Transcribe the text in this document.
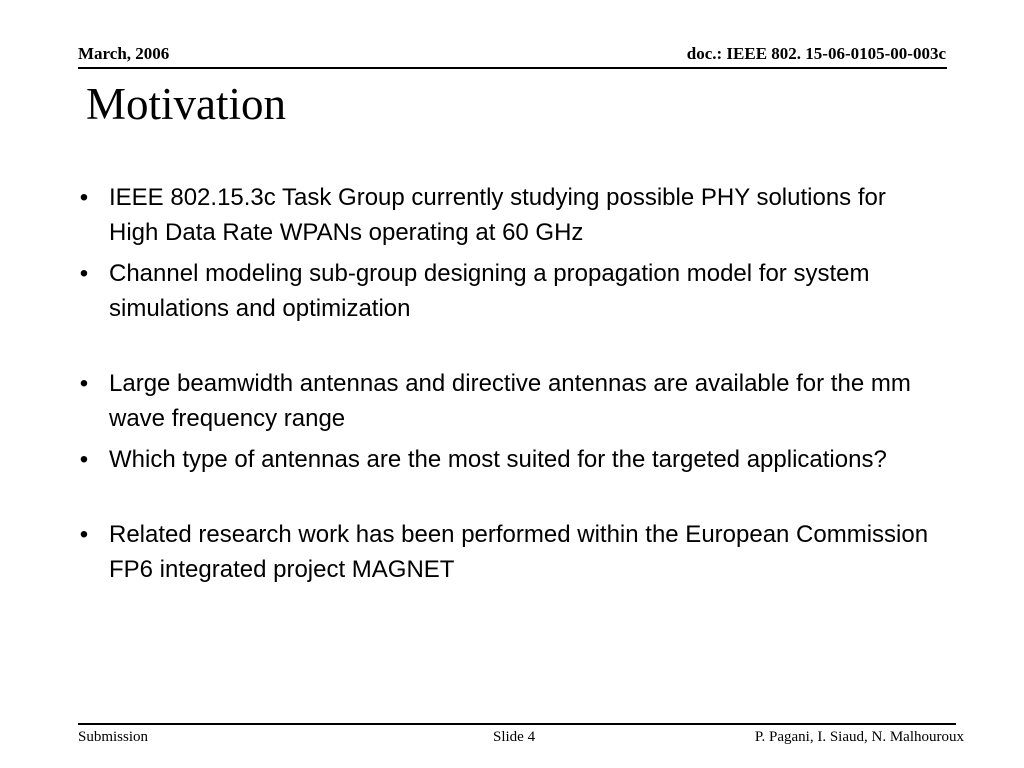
March, 2006	doc.: IEEE 802. 15-06-0105-00-003c
Motivation
• IEEE 802.15.3c Task Group currently studying possible PHY solutions for High Data Rate WPANs operating at 60 GHz
• Channel modeling sub-group designing a propagation model for system simulations and optimization
• Large beamwidth antennas and directive antennas are available for the mm wave frequency range
• Which type of antennas are the most suited for the targeted applications?
• Related research work has been performed within the European Commission FP6 integrated project MAGNET
Submission	Slide 4	P. Pagani, I. Siaud, N. Malhouroux
